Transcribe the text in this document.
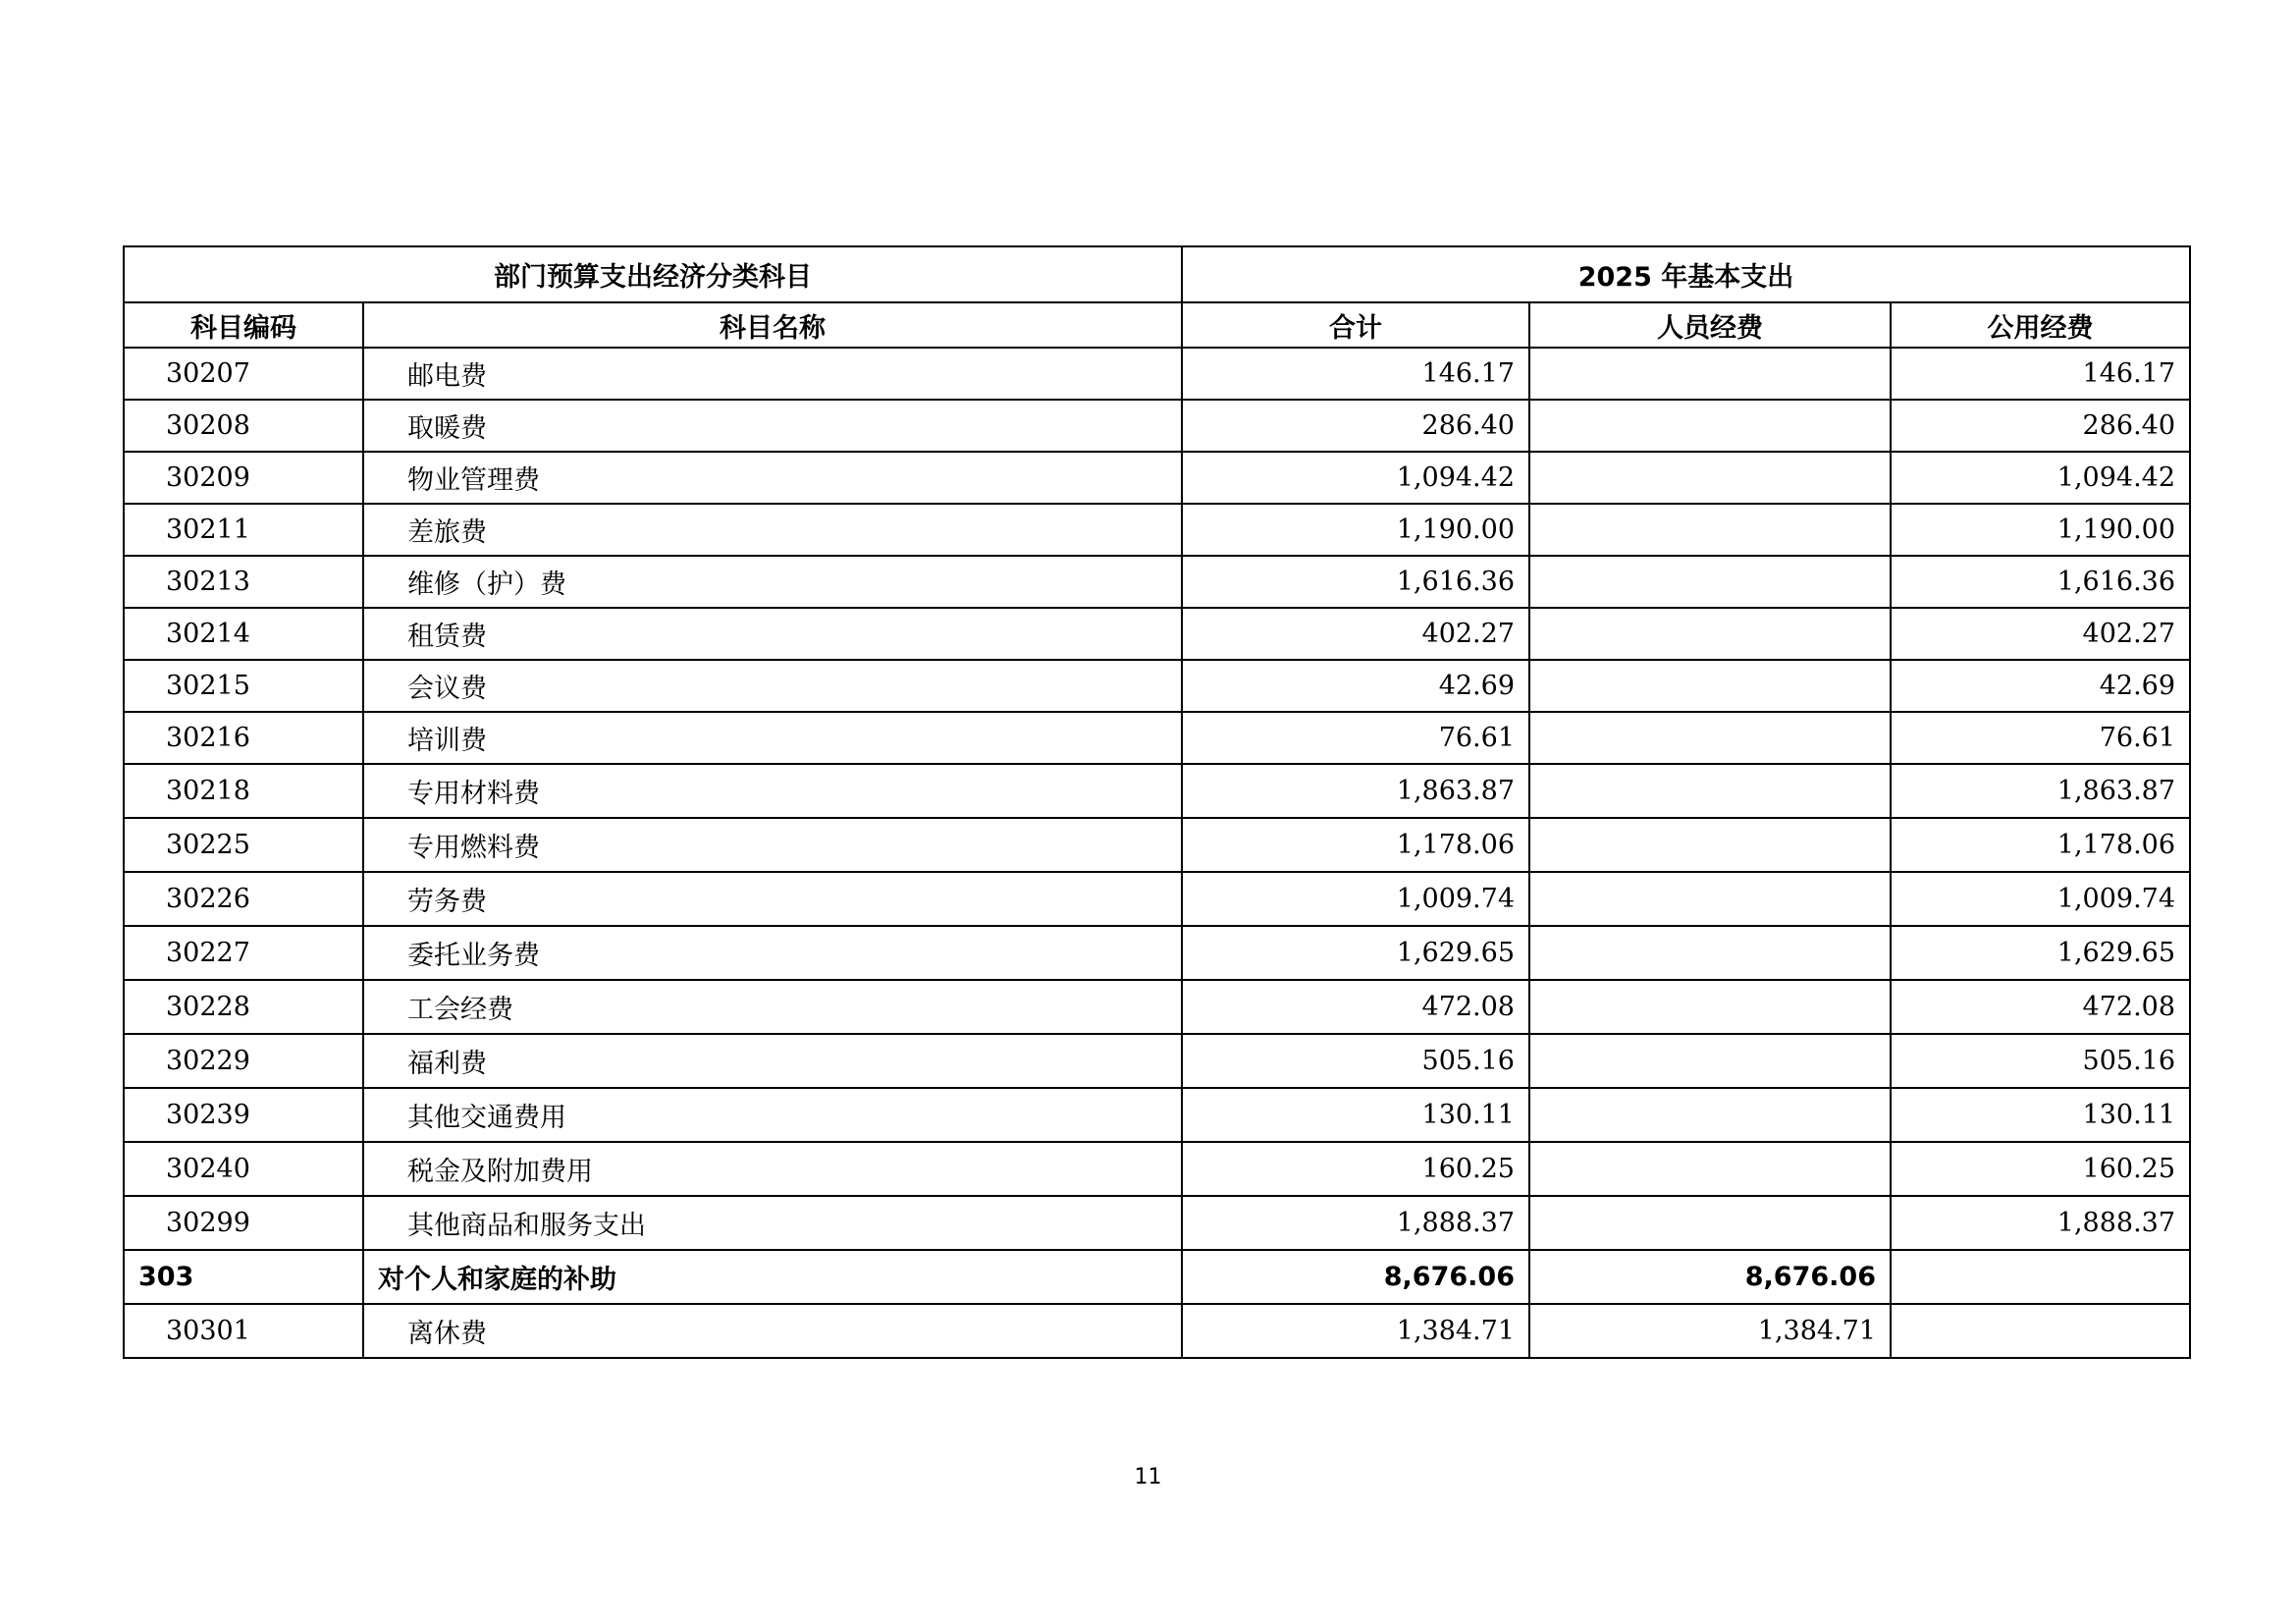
部门预算支出经济分类科目		2025 年基本支出		
科目编码	科目名称	合计	人员经费	公用经费
30207	邮电费	146.17		146.17
30208	取暖费	286.40		286.40
30209	物业管理费	1,094.42		1,094.42
30211	差旅费	1,190.00		1,190.00
30213	维修（护）费	1,616.36		1,616.36
30214	租赁费	402.27		402.27
30215	会议费	42.69		42.69
30216	培训费	76.61		76.61
30218	专用材料费	1,863.87		1,863.87
30225	专用燃料费	1,178.06		1,178.06
30226	劳务费	1,009.74		1,009.74
30227	委托业务费	1,629.65		1,629.65
30228	工会经费	472.08		472.08
30229	福利费	505.16		505.16
30239	其他交通费用	130.11		130.11
30240	税金及附加费用	160.25		160.25
30299	其他商品和服务支出	1,888.37		1,888.37
303	对个人和家庭的补助	8,676.06	8,676.06	
30301	离休费	1,384.71	1,384.71	
11
